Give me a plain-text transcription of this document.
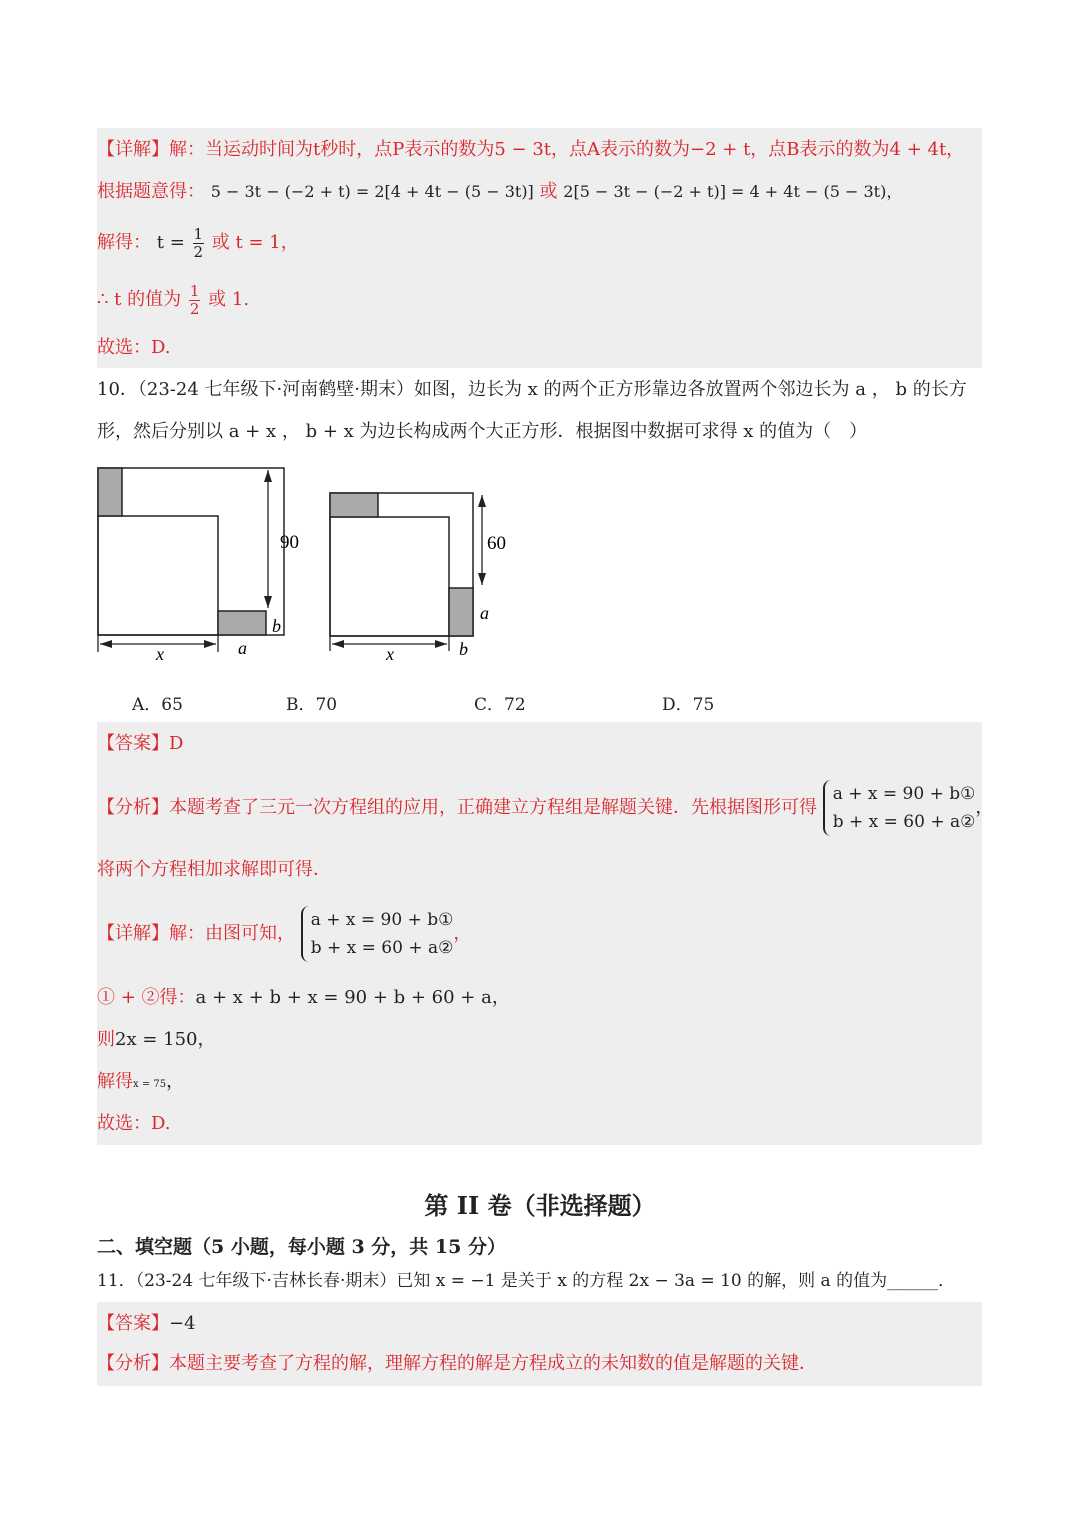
【详解】解：当运动时间为t秒时，点P表示的数为5 − 3t，点A表示的数为−2 + t，点B表示的数为4 + 4t，
根据题意得： 5 − 3t − (−2 + t) = 2[4 + 4t − (5 − 3t)] 或 2[5 − 3t − (−2 + t)] = 4 + 4t − (5 − 3t)，
解得： $t = \frac{1}{2}$ 或 t = 1，
∴ t 的值为 $\frac{1}{2}$ 或 1.
故选：D.
10．（23-24 七年级下·河南鹤壁·期末）如图，边长为 x 的两个正方形靠边各放置两个邻边长为 a ， b 的长方
形，然后分别以 a + x ， b + x 为边长构成两个大正方形．根据图中数据可求得 x 的值为（　）
90
x	a
b
60
a
x	b
A．65	B．70	C．72	D．75
【答案】D
【分析】本题考查了三元一次方程组的应用，正确建立方程组是解题关键．先根据图形可得
a + x = 90 + b①
b + x = 60 + a②
，
将两个方程相加求解即可得．
【详解】解：由图可知，
a + x = 90 + b①
b + x = 60 + a②
，
① + ②得：a + x + b + x = 90 + b + 60 + a，
则2x = 150，
解得x = 75，
故选：D.
第 II 卷（非选择题）
二、填空题（5 小题，每小题 3 分，共 15 分）
11．（23-24 七年级下·吉林长春·期末）已知 x = −1 是关于 x 的方程 2x − 3a = 10 的解，则 a 的值为______．
【答案】−4
【分析】本题主要考查了方程的解，理解方程的解是方程成立的未知数的值是解题的关键．
